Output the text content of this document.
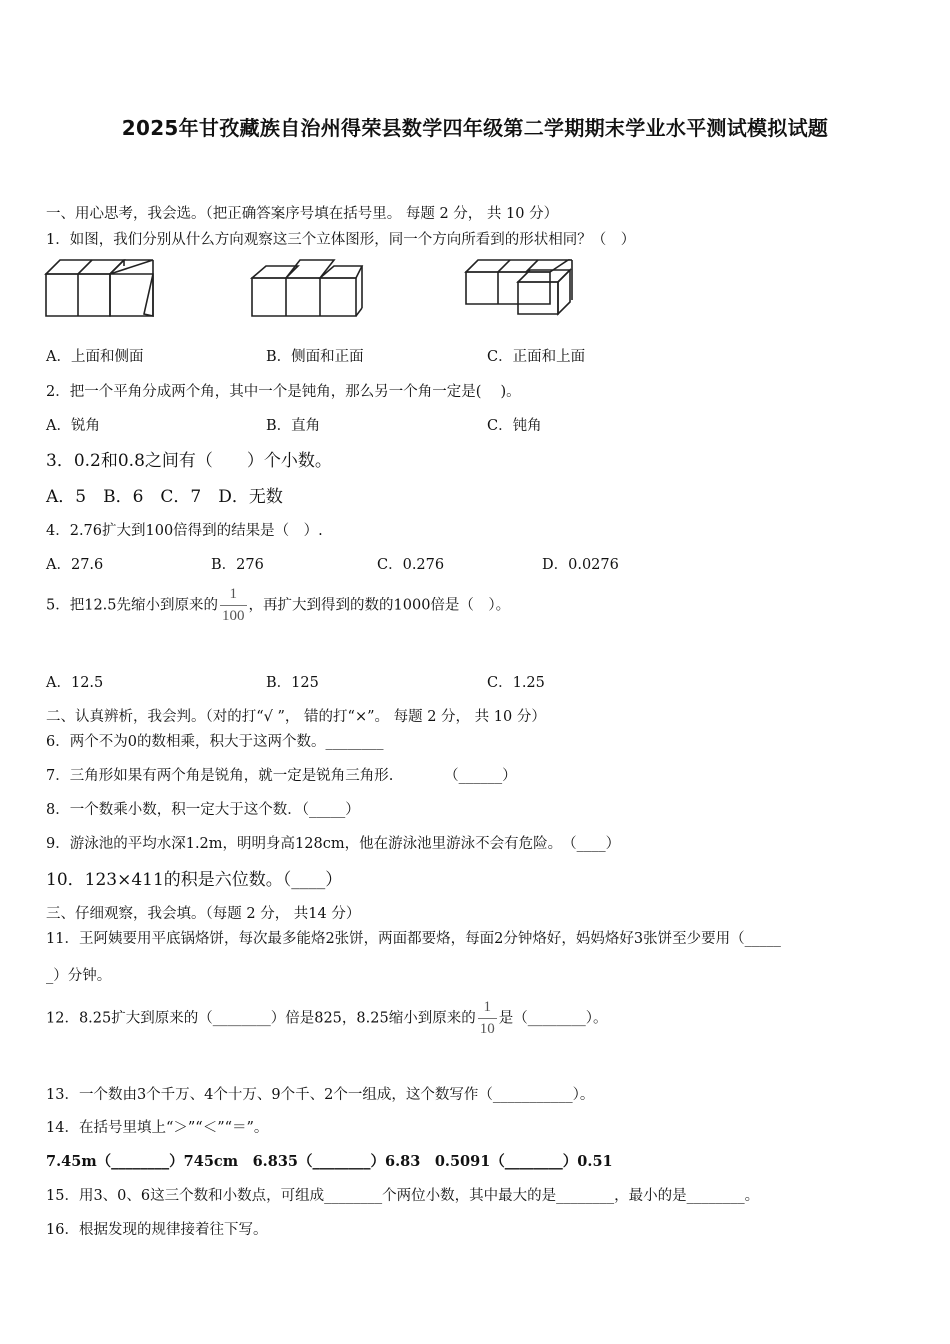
2025年甘孜藏族自治州得荣县数学四年级第二学期期末学业水平测试模拟试题
一、用心思考，我会选。（把正确答案序号填在括号里。 每题 2 分， 共 10 分）
1．如图，我们分别从什么方向观察这三个立体图形，同一个方向所看到的形状相同？（　）
A．上面和侧面	B．侧面和正面	C．正面和上面
2．把一个平角分成两个角，其中一个是钝角，那么另一个角一定是(　 )。
A．锐角	B．直角	C．钝角
3．0.2和0.8之间有（　　）个小数。
A．5　B．6　C．7　D．无数
4．2.76扩大到100倍得到的结果是（　）.
A．27.6	B．276	C．0.276	D．0.0276
5．把12.5先缩小到原来的 $\frac{1}{100}$ ，再扩大到得到的数的1000倍是（　）。
A．12.5	B．125	C．1.25
二、认真辨析，我会判。（对的打“√ ”， 错的打“×”。 每题 2 分， 共 10 分）
6．两个不为0的数相乘，积大于这两个数。________
7．三角形如果有两个角是锐角，就一定是锐角三角形.　　　　（______）
8．一个数乘小数，积一定大于这个数．（_____）
9．游泳池的平均水深1.2m，明明身高128cm，他在游泳池里游泳不会有危险。　（____）
10．123×411的积是六位数。（____）
三、仔细观察，我会填。（每题 2 分， 共14 分）
11．王阿姨要用平底锅烙饼，每次最多能烙2张饼，两面都要烙，每面2分钟烙好，妈妈烙好3张饼至少要用（_____
_）分钟。
12．8.25扩大到原来的（________）倍是825，8.25缩小到原来的 $\frac{1}{10}$ 是（________）。
13．一个数由3个千万、4个十万、9个千、2个一组成，这个数写作（___________）。
14．在括号里填上“＞”“＜”“＝”。
7.45m（________）745cm　6.835（________）6.83　0.5091（________）0.51
15．用3、0、6这三个数和小数点，可组成________个两位小数，其中最大的是________，最小的是________。
16．根据发现的规律接着往下写。
